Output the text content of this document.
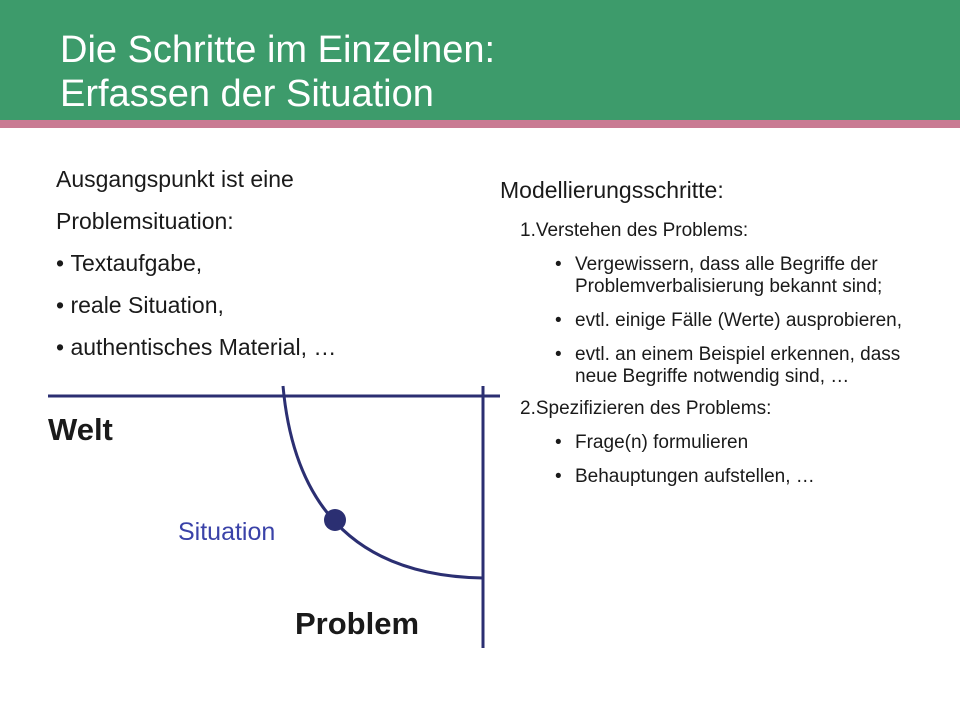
Die Schritte im Einzelnen:
Erfassen der Situation
Ausgangspunkt ist eine
Problemsituation:
• Textaufgabe,
• reale Situation,
• authentisches Material, …
Modellierungsschritte:
1.Verstehen des Problems:
• Vergewissern, dass alle Begriffe der Problemverbalisierung bekannt sind;
• evtl. einige Fälle (Werte) ausprobieren,
• evtl. an einem Beispiel erkennen, dass neue Begriffe notwendig sind, …
2.Spezifizieren des Problems:
• Frage(n) formulieren
• Behauptungen aufstellen, …
Welt
Situation
Problem
